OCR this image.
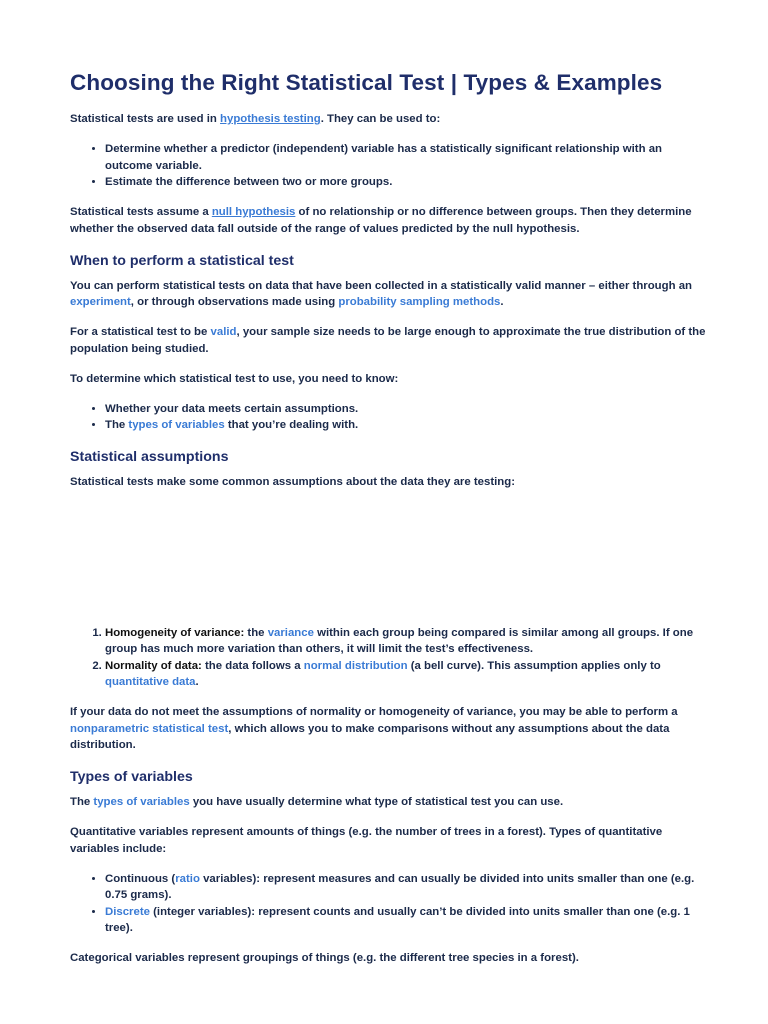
Choosing the Right Statistical Test | Types & Examples

Statistical tests are used in hypothesis testing. They can be used to:

• Determine whether a predictor (independent) variable has a statistically significant relationship with an outcome variable.
• Estimate the difference between two or more groups.

Statistical tests assume a null hypothesis of no relationship or no difference between groups. Then they determine whether the observed data fall outside of the range of values predicted by the null hypothesis.

When to perform a statistical test

You can perform statistical tests on data that have been collected in a statistically valid manner – either through an experiment, or through observations made using probability sampling methods.

For a statistical test to be valid, your sample size needs to be large enough to approximate the true distribution of the population being studied.

To determine which statistical test to use, you need to know:

• Whether your data meets certain assumptions.
• The types of variables that you’re dealing with.
Statistical assumptions

Statistical tests make some common assumptions about the data they are testing:

1. Homogeneity of variance: the variance within each group being compared is similar among all groups. If one group has much more variation than others, it will limit the test’s effectiveness.
2. Normality of data: the data follows a normal distribution (a bell curve). This assumption applies only to quantitative data.

If your data do not meet the assumptions of normality or homogeneity of variance, you may be able to perform a nonparametric statistical test, which allows you to make comparisons without any assumptions about the data distribution.

Types of variables

The types of variables you have usually determine what type of statistical test you can use.

Quantitative variables represent amounts of things (e.g. the number of trees in a forest). Types of quantitative variables include:

• Continuous (ratio variables): represent measures and can usually be divided into units smaller than one (e.g. 0.75 grams).
• Discrete (integer variables): represent counts and usually can’t be divided into units smaller than one (e.g. 1 tree).

Categorical variables represent groupings of things (e.g. the different tree species in a forest).
